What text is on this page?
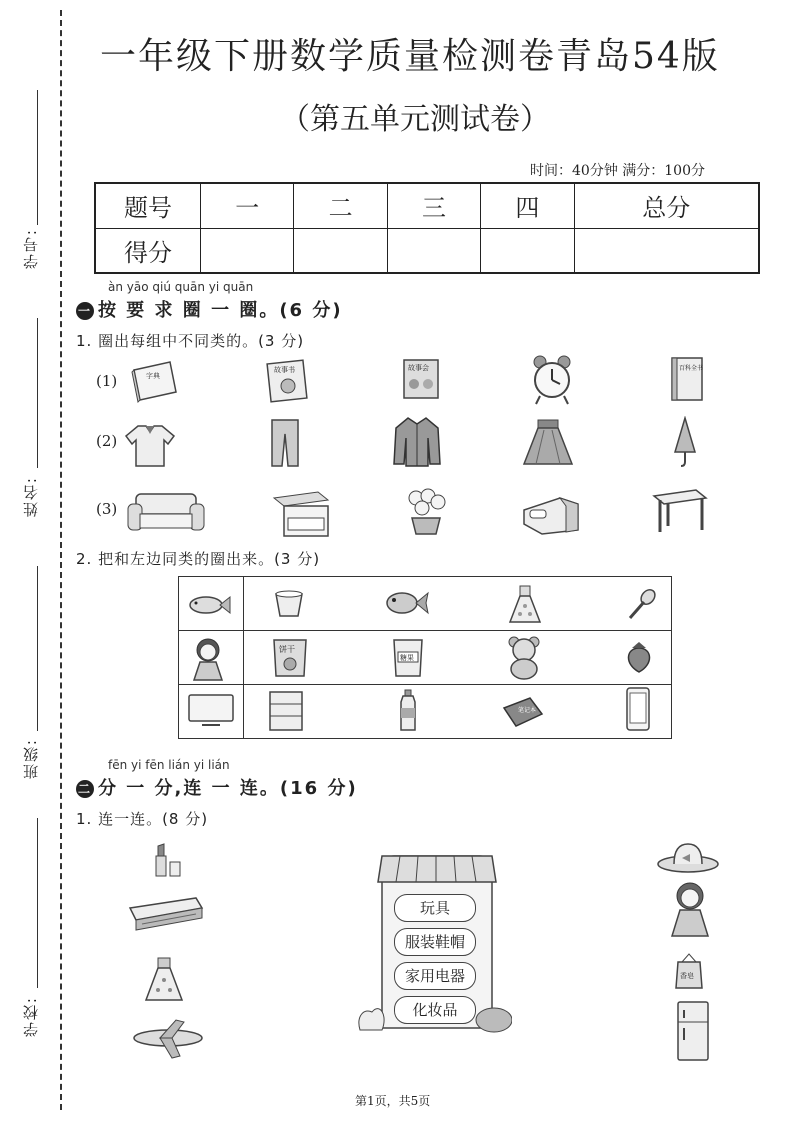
学号:
姓名:
班级:
学校:
一年级下册数学质量检测卷青岛54版
（第五单元测试卷）
时间：40分钟 满分：100分
题号	一	二	三	四	总分
得分					
àn yāo qiú quān yi quān
一 按 要 求 圈 一 圈。(6 分)
1. 圈出每组中不同类的。(3 分)
(1)
(2)
(3)
字典
故事书	故事会	百科全书
2. 把和左边同类的圈出来。(3 分)

饼干
糖果
笔记本
fēn yi fēn lián yi lián
二 分 一 分,连 一 连。(16 分)
1. 连一连。(8 分)
玩具
服装鞋帽
家用电器
化妆品
香皂
第1页，共5页
